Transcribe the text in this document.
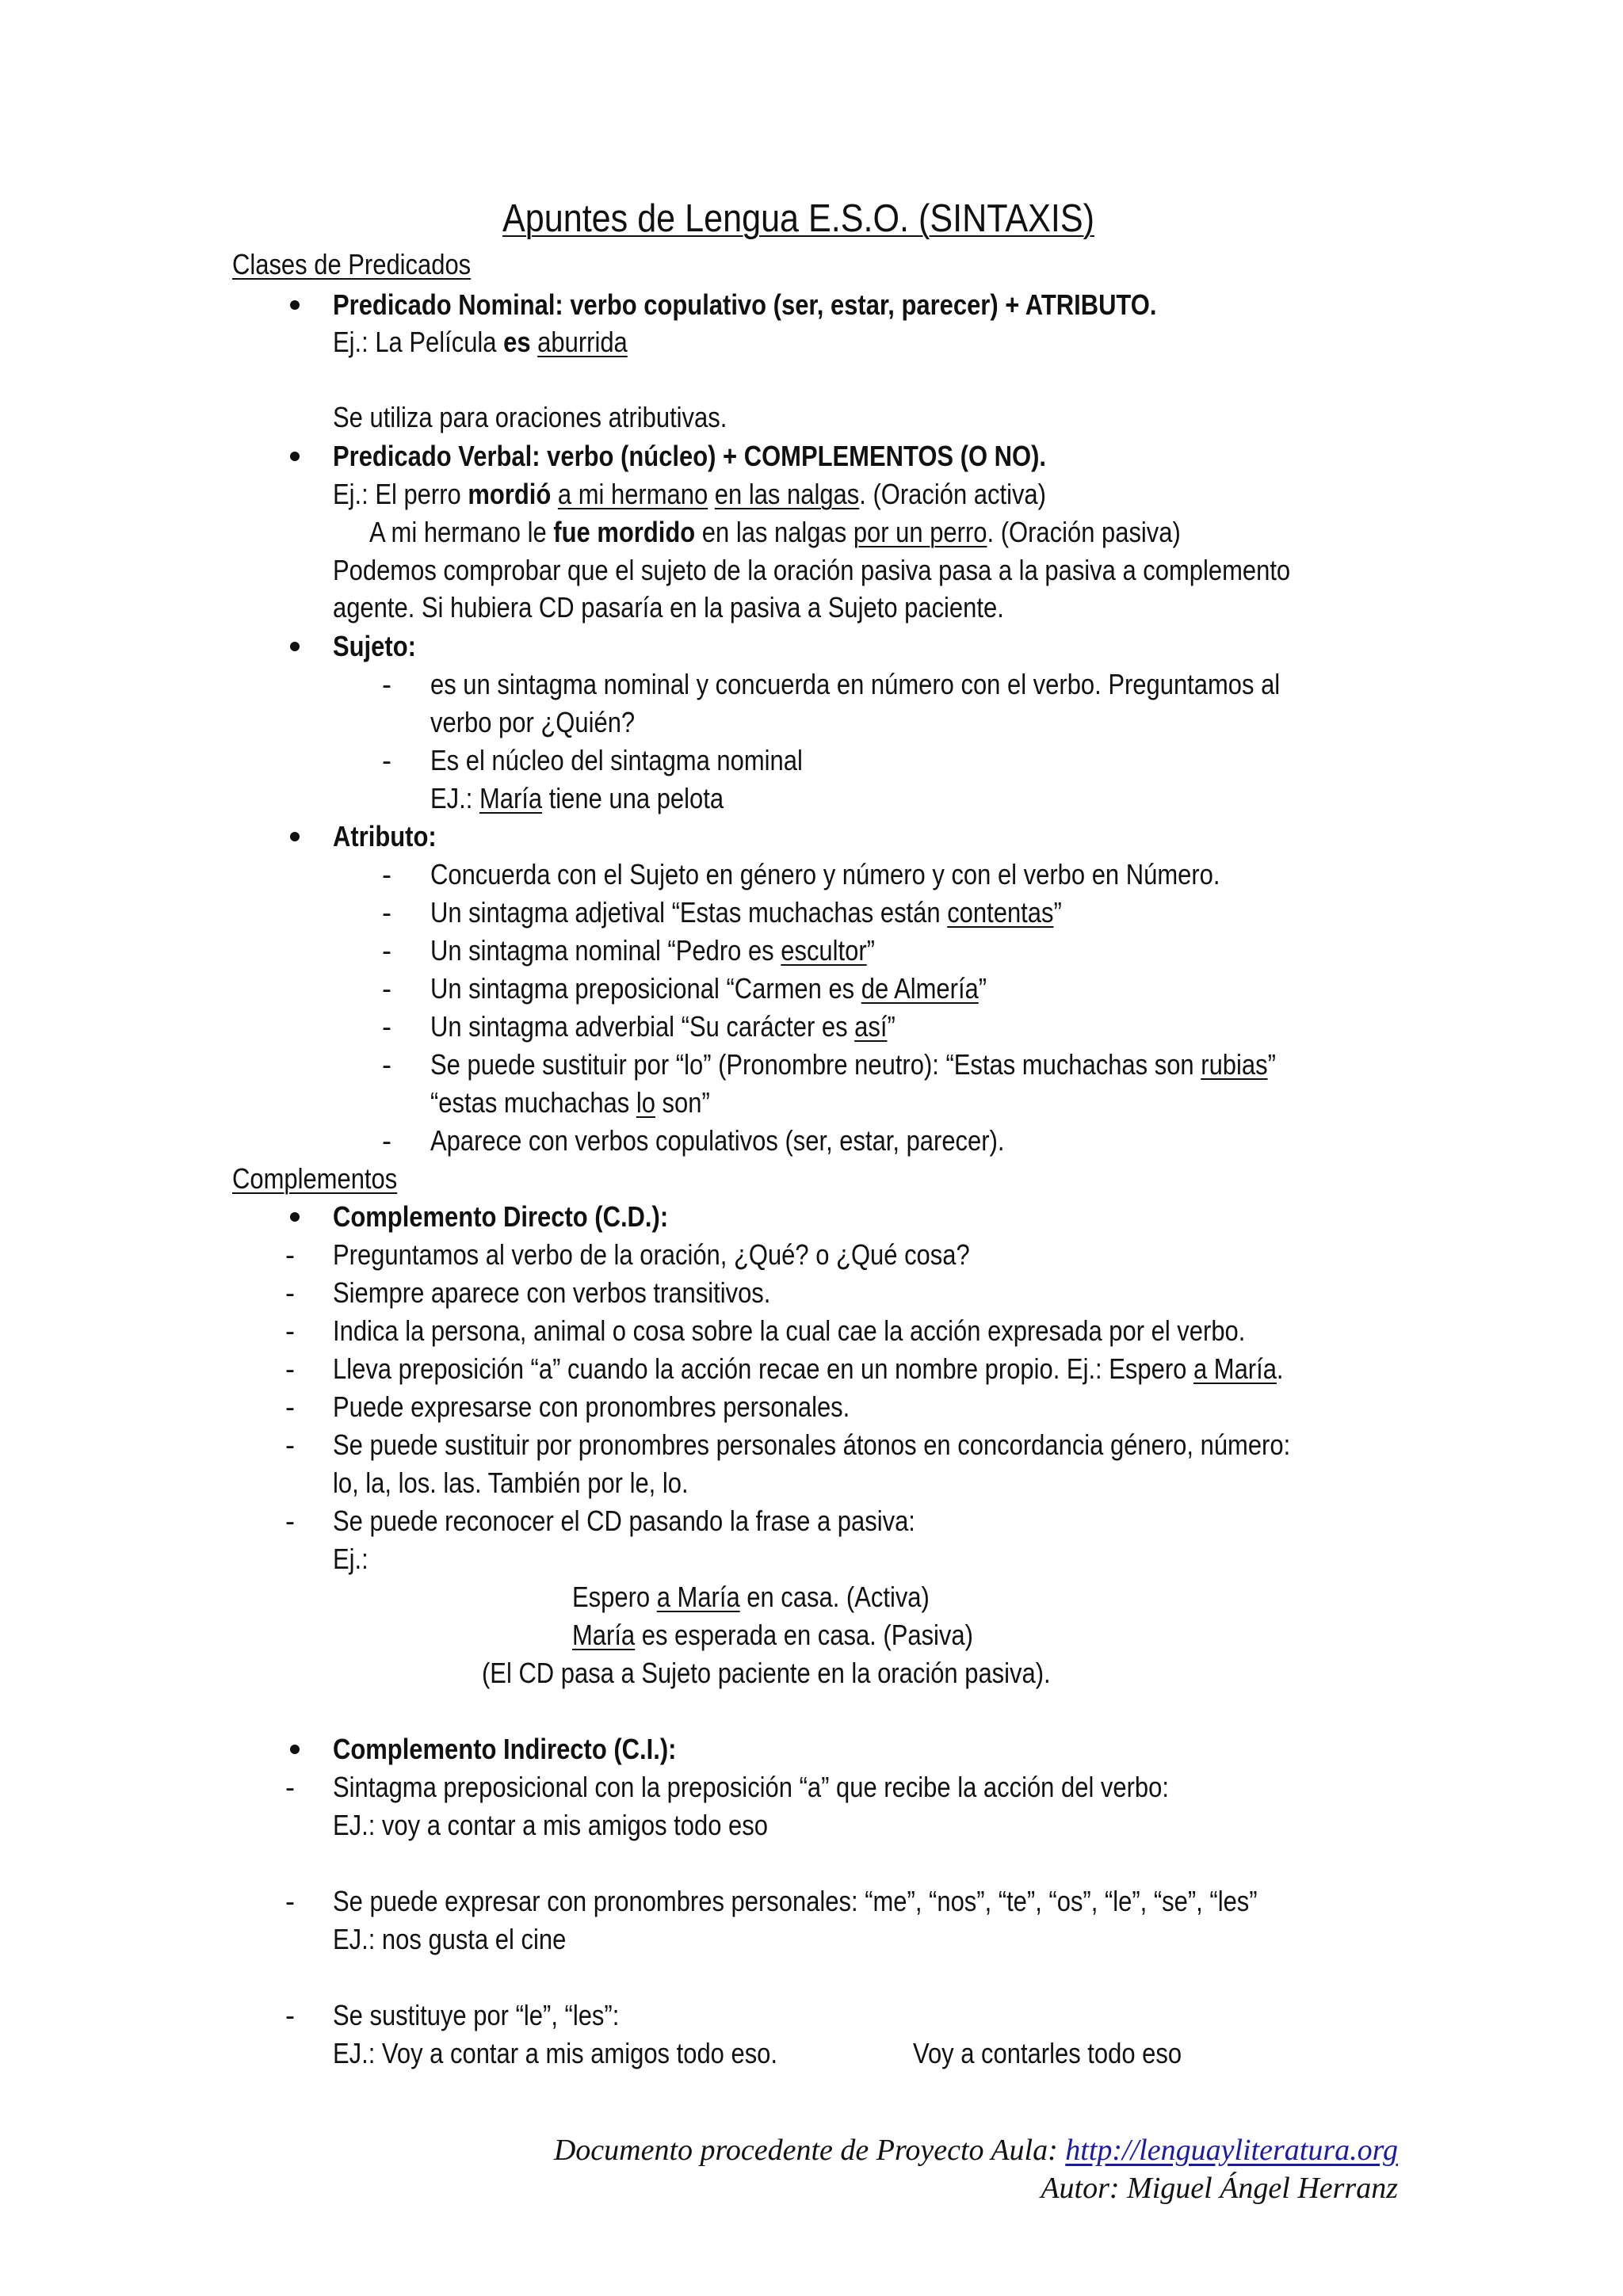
Apuntes de Lengua E.S.O. (SINTAXIS)
Clases de Predicados
Predicado Nominal: verbo copulativo (ser, estar, parecer) + ATRIBUTO.
Ej.: La Película es aburrida
Se utiliza para oraciones atributivas.
Predicado Verbal: verbo (núcleo) + COMPLEMENTOS (O NO).
Ej.: El perro mordió a mi hermano en las nalgas. (Oración activa)
A mi hermano le fue mordido en las nalgas por un perro. (Oración pasiva)
Podemos comprobar que el sujeto de la oración pasiva pasa a la pasiva a complemento
agente. Si hubiera CD pasaría en la pasiva a Sujeto paciente.
Sujeto:
- es un sintagma nominal y concuerda en número con el verbo. Preguntamos al
verbo por ¿Quién?
- Es el núcleo del sintagma nominal
EJ.: María tiene una pelota
Atributo:
- Concuerda con el Sujeto en género y número y con el verbo en Número.
- Un sintagma adjetival “Estas muchachas están contentas”
- Un sintagma nominal “Pedro es escultor”
- Un sintagma preposicional “Carmen es de Almería”
- Un sintagma adverbial “Su carácter es así”
- Se puede sustituir por “lo” (Pronombre neutro): “Estas muchachas son rubias”
“estas muchachas lo son”
- Aparece con verbos copulativos (ser, estar, parecer).
Complementos
Complemento Directo (C.D.):
- Preguntamos al verbo de la oración, ¿Qué? o ¿Qué cosa?
- Siempre aparece con verbos transitivos.
- Indica la persona, animal o cosa sobre la cual cae la acción expresada por el verbo.
- Lleva preposición “a” cuando la acción recae en un nombre propio. Ej.: Espero a María.
- Puede expresarse con pronombres personales.
- Se puede sustituir por pronombres personales átonos en concordancia género, número:
lo, la, los. las. También por le, lo.
- Se puede reconocer el CD pasando la frase a pasiva:
Ej.:
Espero a María en casa. (Activa)
María es esperada en casa. (Pasiva)
(El CD pasa a Sujeto paciente en la oración pasiva).
Complemento Indirecto (C.I.):
- Sintagma preposicional con la preposición “a” que recibe la acción del verbo:
EJ.: voy a contar a mis amigos todo eso
- Se puede expresar con pronombres personales: “me”, “nos”, “te”, “os”, “le”, “se”, “les”
EJ.: nos gusta el cine
- Se sustituye por “le”, “les”:
EJ.: Voy a contar a mis amigos todo eso.	Voy a contarles todo eso
Documento procedente de Proyecto Aula: http://lenguayliteratura.org
Autor: Miguel Ángel Herranz
